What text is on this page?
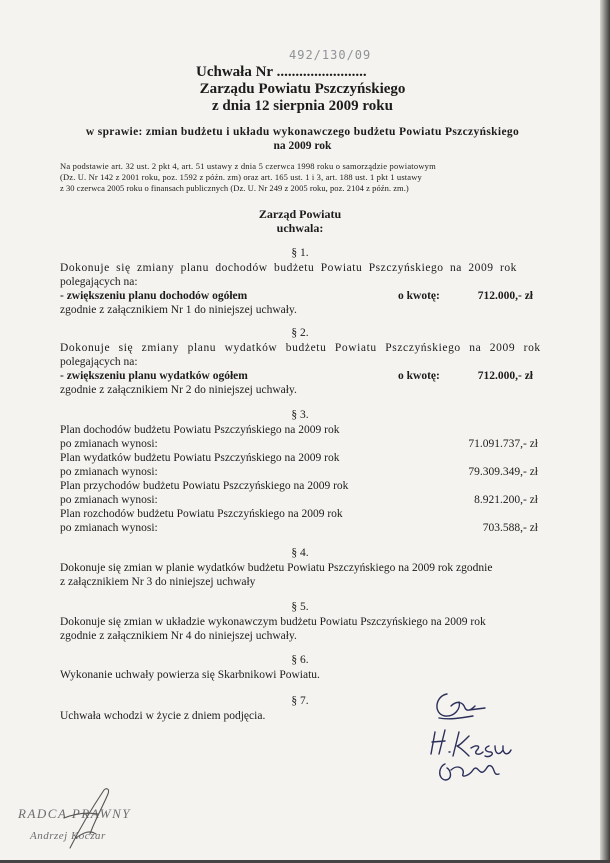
Uchwała Nr ........................
492/130/09
Zarządu Powiatu Pszczyńskiego
z dnia 12 sierpnia 2009 roku
w sprawie: zmian budżetu i układu wykonawczego budżetu Powiatu Pszczyńskiego
na 2009 rok
Na podstawie art. 32 ust. 2 pkt 4, art. 51 ustawy z dnia 5 czerwca 1998 roku o samorządzie powiatowym
(Dz. U. Nr 142 z 2001 roku, poz. 1592 z późn. zm) oraz art. 165 ust. 1 i 3, art. 188 ust. 1 pkt 1 ustawy
z 30 czerwca 2005 roku o finansach publicznych (Dz. U. Nr 249 z 2005 roku, poz. 2104 z późn. zm.)
Zarząd Powiatu
uchwala:
§ 1.
Dokonuje się zmiany planu dochodów budżetu Powiatu Pszczyńskiego na 2009 rok
polegających na:
- zwiększeniu planu dochodów ogółem	o kwotę:	712.000,- zł
zgodnie z załącznikiem Nr 1 do niniejszej uchwały.
§ 2.
Dokonuje się zmiany planu wydatków budżetu Powiatu Pszczyńskiego na 2009 rok
polegających na:
- zwiększeniu planu wydatków ogółem	o kwotę:	712.000,- zł
zgodnie z załącznikiem Nr 2 do niniejszej uchwały.
§ 3.
Plan dochodów budżetu Powiatu Pszczyńskiego na 2009 rok
po zmianach wynosi:	71.091.737,- zł
Plan wydatków budżetu Powiatu Pszczyńskiego na 2009 rok
po zmianach wynosi:	79.309.349,- zł
Plan przychodów budżetu Powiatu Pszczyńskiego na 2009 rok
po zmianach wynosi:	8.921.200,- zł
Plan rozchodów budżetu Powiatu Pszczyńskiego na 2009 rok
po zmianach wynosi:	703.588,- zł
§ 4.
Dokonuje się zmian w planie wydatków budżetu Powiatu Pszczyńskiego na 2009 rok zgodnie
z załącznikiem Nr 3 do niniejszej uchwały
§ 5.
Dokonuje się zmian w układzie wykonawczym budżetu Powiatu Pszczyńskiego na 2009 rok
zgodnie z załącznikiem Nr 4 do niniejszej uchwały.
§ 6.
Wykonanie uchwały powierza się Skarbnikowi Powiatu.
§ 7.
Uchwała wchodzi w życie z dniem podjęcia.
RADCA PRAWNY
Andrzej Koczar
